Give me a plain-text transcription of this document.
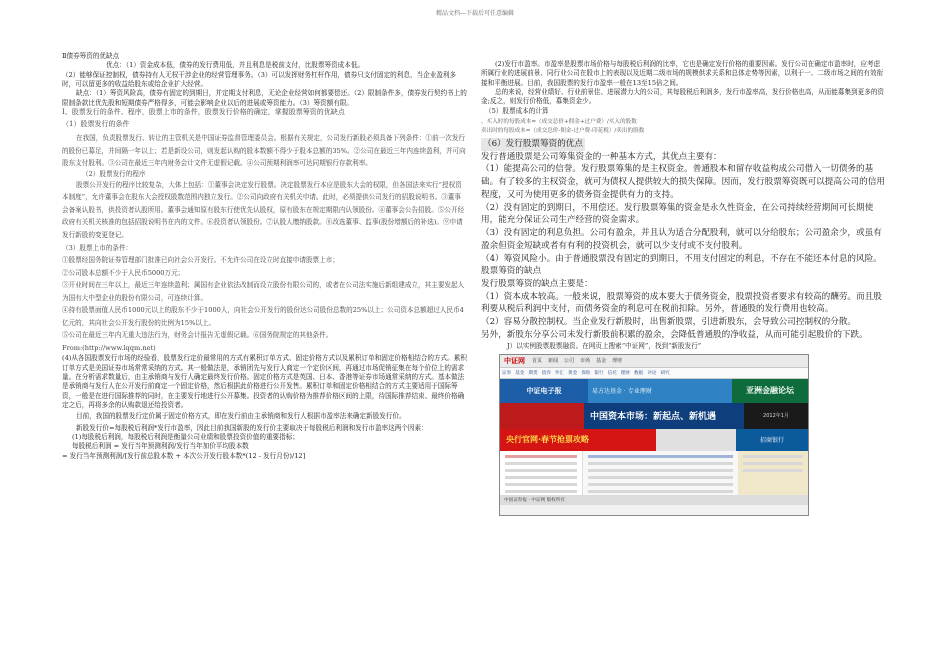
精品文档---下载后可任意编辑

Ⅱ债券筹资的优缺点

优点：（1）资金成本低，债券的发行费用低，并且利息是税前支付，比股票筹资成本低。

（2）能够保证控制权，债券持有人无权干涉企业的经营管理事务。（3）可以发挥财务杠杆作用，债券只支付固定的利息，当企业盈利多时，可以留更多的收益给股东或给企业扩大经营。

缺点：（1）筹资风险高，债券有固定的到期日，并定期支付利息，无论企业经营如何都要偿还。（2）限制条件多，债券发行契约书上的限制条款比优先股和短期债券严格得多，可能会影响企业以后的进展或筹资能力。（3）筹资额有限。

Ⅰ、股票发行的条件、程序，股票上市的条件，股票发行价格的确定，掌握股票筹资的优缺点

（1）股票发行的条件

在我国，负责股票发行、转让的主管机关是中国证券监督管理委员会。根据有关规定，公司发行新股必须具备下列条件：①前一次发行的股份已募足，并间隔一年以上；若是新设公司，则发起认购的股本数额不得少于股本总额的35%。②公司在最近三年内连续盈利，并可向股东支付股利。③公司在最近三年内财务会计文件无虚假记载。④公司预期利润率可达同期银行存款利率。

（2）股票发行的程序

股票公开发行的程序比较复杂，大体上包括：①董事会决定发行股票。决定股票发行本应是股东大会的权限，但各国法来实行“授权资本制度”，允许董事会在股东大会授权股数范围内独立发行。②公司向政府有关机关申请。此时，必须提供公司发行的招股说明书。③董事会备案认股书，供投资者认股所用。董事会通知原有股东行使优先认股权，原有股东在规定期限内认领股份。④董事会公告招股。⑤公开经政府有关机关核准的包括招股说明书在内的文件。⑥投资者认领股份。⑦认股人缴纳股款。⑧改选董事、监事(股份增额后的补选)。⑨申请发行新股的变更登记。

（3）股票上市的条件：

①股票经国务院证券管理部门批准已向社会公开发行。不允许公司在设立时直接申请股票上市；

②公司股本总额不少于人民币5000万元；

③开业时间在三年以上，最近三年连续盈利；属国有企业依法改制而设立股份有限公司的，或者在公司法实施后新组建成立，其主要发起人为国有大中型企业的股份有限公司，可连续计算。

④持有股票面值人民币1000元以上的股东不少于1000人，向社会公开发行的股份达公司股份总数的25%以上；公司资本总额超过人民币4亿元的，其向社会公开发行股份的比例为15%以上。

⑤公司在最近三年内无重大违法行为，财务会计报告无虚假记载。⑥国务院规定的其他条件。

From:(http://www.lqqm.net)

(4)从各国股票发行市场的经验看，股票发行定价最常用的方式有累积订单方式、固定价格方式以及累积订单和固定价格相结合的方式。累积订单方式是美国证券市场常常采纳的方式。其一般做法是，承销团先与发行人商定一个定价区间，再通过市场促销征集在每个价位上的需求量。在分析需求数量后，由主承销商与发行人确定最终发行价格。固定价格方式是英国、日本、香港等证券市场通常采纳的方式。基本做法是承销商与发行人在公开发行前商定一个固定价格，然后根据此价格进行公开发售。累积订单和固定价格相结合的方式主要适用于国际筹资，一般是在进行国际推荐的同时，在主要发行地进行公开募集。投资者的认购价格为推荐价格区间的上限，待国际推荐结束、最终价格确定之后，再将多余的认购款退还给投资者。

目前，我国的股票发行定价属于固定价格方式，即在发行前由主承销商和发行人根据市盈率法来确定新股发行价。

新股发行价=每股税后利润*发行市盈率，因此目前我国新股的发行价主要取决于每股税后利润和发行市盈率这两个因素：

(1)每股税后利润，每股税后利润是衡量公司业绩和股票投资价值的重要指标；

每股税后利润 = 发行当年预测利润/发行当年加价平均股本数

= 发行当年预测利润/[发行前总股本数 + 本次公开发行股本数*(12 - 发行月份)/12]

(2)发行市盈率。市盈率是股票市场价格与每股税后利润的比率，它也是确定发行价格的重要因素。发行公司在确定市盈率时，应考虑所属行业的进展前景、同行业公司在股市上的表现以及近期二级市场的规模供求关系和总体走势等因素，以利于一、二级市场之间的有效衔接和平衡进展。目前，我国股票的发行市盈率一般在13至15倍之间。

总的来说，经营业绩好、行业前景佳、进展潜力大的公司，其每股税后利润多，发行市盈率高，发行价格也高，从而能募集到更多的资金;反之，则发行价格低，募集资金少。

（5）股票成本的计算

，买入时的每股成本=（成交总价+佣金+过户费）/买入的股数

卖出时的每股成本=（成交总价-佣金-过户费-印花税）/卖出的股数

（6）发行股票筹资的优点

发行普通股票是公司筹集资金的一种基本方式，其优点主要有：

（1）能提高公司的信誉。发行股票筹集的是主权资金。普通股本和留存收益构成公司借入一切债务的基础。有了较多的主权资金，就可为债权人提供较大的损失保障。因而，发行股票筹资既可以提高公司的信用程度，又可为使用更多的债务资金提供有力的支持。

（2）没有固定的到期日，不用偿还。发行股票筹集的资金是永久性资金，在公司持续经营期间可长期使用，能充分保证公司生产经营的资金需求。

（3）没有固定的利息负担。公司有盈余，并且认为适合分配股利，就可以分给股东；公司盈余少，或虽有盈余但资金短缺或者有有利的投资机会，就可以少支付或不支付股利。

（4）筹资风险小。由于普通股票没有固定的到期日，不用支付固定的利息，不存在不能还本付息的风险。

股票筹资的缺点

发行股票筹资的缺点主要是：

（1）资本成本较高。一般来说，股票筹资的成本要大于债务资金，股票投资者要求有较高的酬劳。而且股利要从税后利润中支付，而债务资金的利息可在税前扣除。另外，普通股的发行费用也较高。

（2）容易分散控制权。当企业发行新股时，出售新股票，引进新股东，会导致公司控制权的分散。

另外，新股东分享公司未发行新股前积累的盈余，会降低普通股的净收益，从而可能引起股价的下跌。

J）以实例股票股票融资。在网页上搜索“中证网”，找到“新股发行”

中证网	首页	新闻	公司	市场	基金	理财
证券 基金 期货 债券 外汇 黄金 保险 银行 信托 理财 数据 评论 研究
中证电子报	易方达基金 · 专业理财	亚洲金融论坛
中国资本市场：新起点、新机遇	2012年1月
央行官网·春节抢票攻略	招商银行
中国证券报 · 中证网 版权所有
